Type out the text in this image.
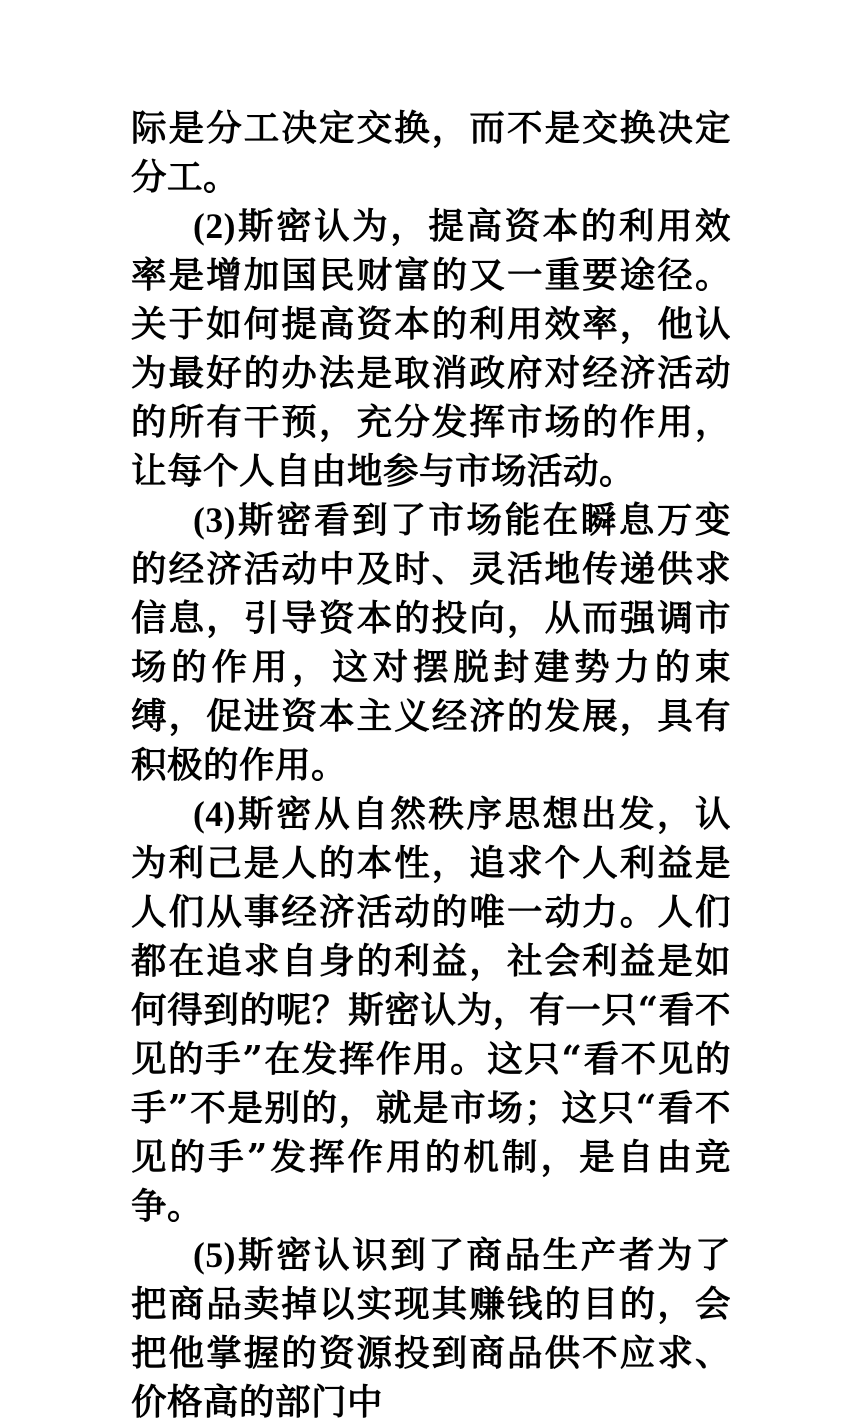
际是分工决定交换，而不是交换决定分工。

(2)斯密认为，提高资本的利用效率是增加国民财富的又一重要途径。关于如何提高资本的利用效率，他认为最好的办法是取消政府对经济活动的所有干预，充分发挥市场的作用，让每个人自由地参与市场活动。

(3)斯密看到了市场能在瞬息万变的经济活动中及时、灵活地传递供求信息，引导资本的投向，从而强调市场的作用，这对摆脱封建势力的束缚，促进资本主义经济的发展，具有积极的作用。

(4)斯密从自然秩序思想出发，认为利己是人的本性，追求个人利益是人们从事经济活动的唯一动力。人们都在追求自身的利益，社会利益是如何得到的呢？斯密认为，有一只“看不见的手”在发挥作用。这只“看不见的手”不是别的，就是市场；这只“看不见的手”发挥作用的机制，是自由竞争。

(5)斯密认识到了商品生产者为了把商品卖掉以实现其赚钱的目的，会把他掌握的资源投到商品供不应求、价格高的部门中
